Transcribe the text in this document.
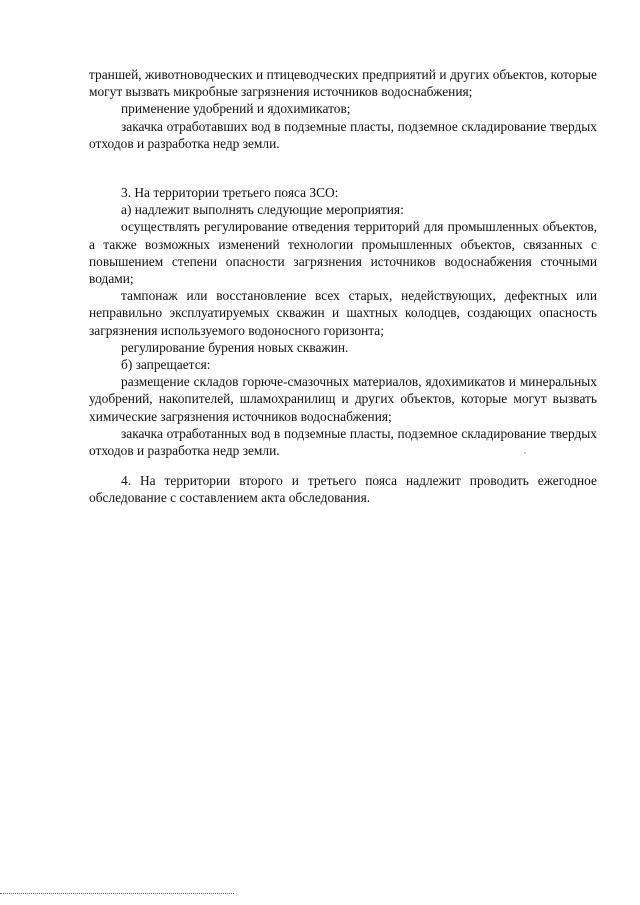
траншей, животноводческих и птицеводческих предприятий и других объектов, которые могут вызвать микробные загрязнения источников водоснабжения;

применение удобрений и ядохимикатов;

закачка отработавших вод в подземные пласты, подземное складирование твердых отходов и разработка недр земли.

3. На территории третьего пояса ЗСО:

а) надлежит выполнять следующие мероприятия:

осуществлять регулирование отведения территорий для промышленных объектов, а также возможных изменений технологии промышленных объектов, связанных с повышением степени опасности загрязнения источников водоснабжения сточными водами;

тампонаж или восстановление всех старых, недействующих, дефектных или неправильно эксплуатируемых скважин и шахтных колодцев, создающих опасность загрязнения используемого водоносного горизонта;

регулирование бурения новых скважин.

б) запрещается:

размещение складов горюче-смазочных материалов, ядохимикатов и минеральных удобрений, накопителей, шламохранилищ и других объектов, которые могут вызвать химические загрязнения источников водоснабжения;

закачка отработанных вод в подземные пласты, подземное складирование твердых отходов и разработка недр земли.

4. На территории второго и третьего пояса надлежит проводить ежегодное обследование с составлением акта обследования.
